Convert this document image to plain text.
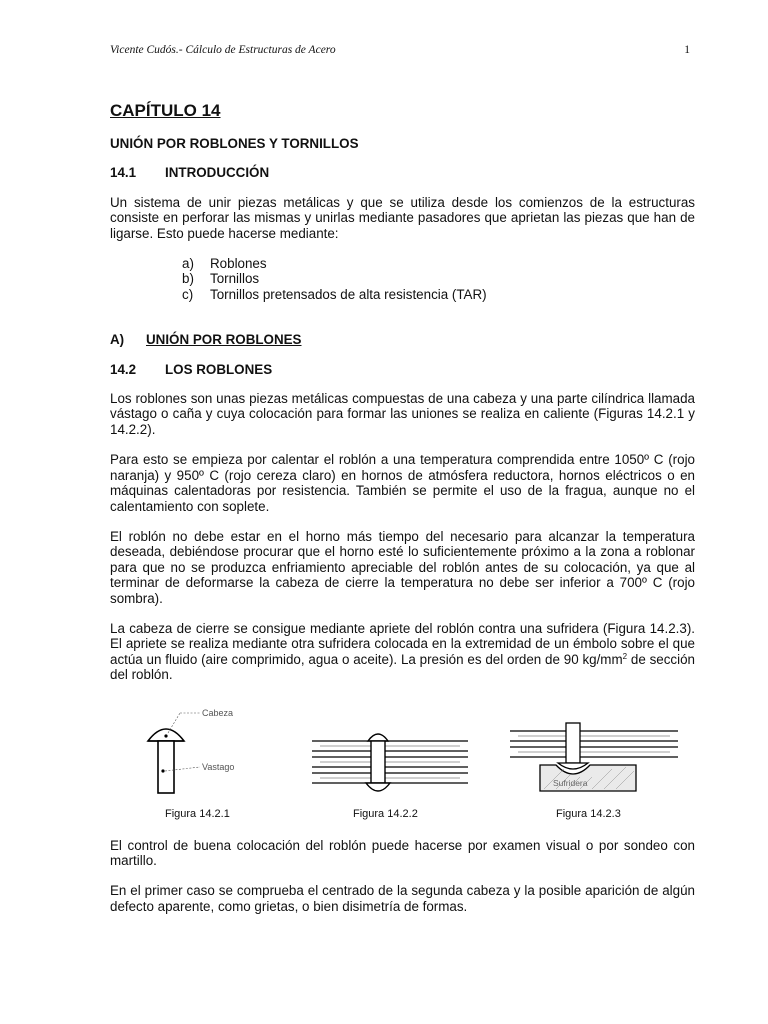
Vicente Cudós.- Cálculo de Estructuras de Acero	1
CAPÍTULO 14
UNIÓN POR ROBLONES Y TORNILLOS
14.1 INTRODUCCIÓN

Un sistema de unir piezas metálicas y que se utiliza desde los comienzos de la estructuras consiste en perforar las mismas y unirlas mediante pasadores que aprietan las piezas que han de ligarse. Esto puede hacerse mediante:

a) Roblones
b) Tornillos
c) Tornillos pretensados de alta resistencia (TAR)
A) UNIÓN POR ROBLONES
14.2 LOS ROBLONES

Los roblones son unas piezas metálicas compuestas de una cabeza y una parte cilíndrica llamada vástago o caña y cuya colocación para formar las uniones se realiza en caliente (Figuras 14.2.1 y 14.2.2).

Para esto se empieza por calentar el roblón a una temperatura comprendida entre 1050º C (rojo naranja) y 950º C (rojo cereza claro) en hornos de atmósfera reductora, hornos eléctricos o en máquinas calentadoras por resistencia. También se permite el uso de la fragua, aunque no el calentamiento con soplete.

El roblón no debe estar en el horno más tiempo del necesario para alcanzar la temperatura deseada, debiéndose procurar que el horno esté lo suficientemente próximo a la zona a roblonar para que no se produzca enfriamiento apreciable del roblón antes de su colocación, ya que al terminar de deformarse la cabeza de cierre la temperatura no debe ser inferior a 700º C (rojo sombra).

La cabeza de cierre se consigue mediante apriete del roblón contra una sufridera (Figura 14.2.3). El apriete se realiza mediante otra sufridera colocada en la extremidad de un émbolo sobre el que actúa un fluido (aire comprimido, agua o aceite). La presión es del orden de 90 $kg/mm^2$ de sección del roblón.

Cabeza
Vastago
Figura 14.2.1	Figura 14.2.2
Sufridera
Figura 14.2.3

El control de buena colocación del roblón puede hacerse por examen visual o por sondeo con martillo.

En el primer caso se comprueba el centrado de la segunda cabeza y la posible aparición de algún defecto aparente, como grietas, o bien disimetría de formas.
